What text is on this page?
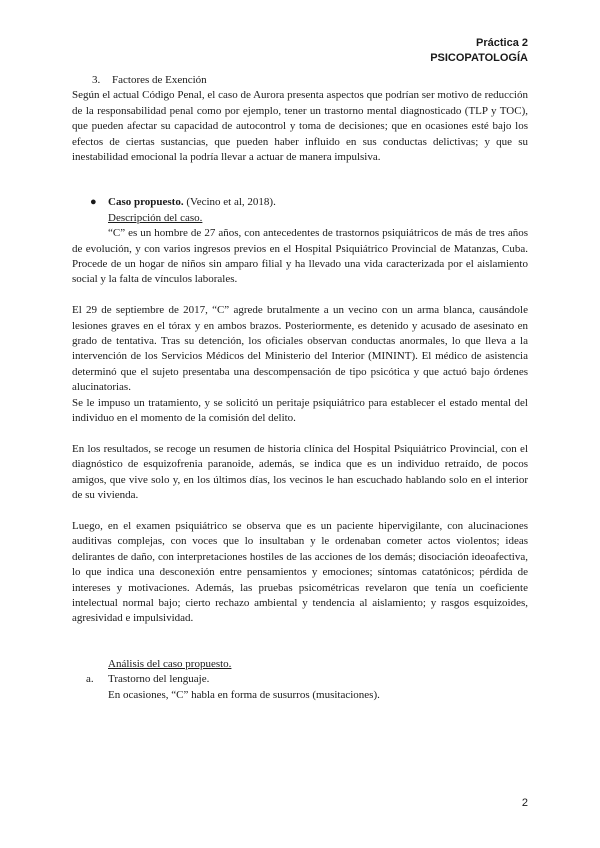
Práctica 2
PSICOPATOLOGÍA
3.	Factores de Exención

Según el actual Código Penal, el caso de Aurora presenta aspectos que podrían ser motivo de reducción de la responsabilidad penal como por ejemplo, tener un trastorno mental diagnosticado (TLP y TOC), que pueden afectar su capacidad de autocontrol y toma de decisiones; que en ocasiones esté bajo los efectos de ciertas sustancias, que pueden haber influido en sus conductas delictivas; y que su inestabilidad emocional la podría llevar a actuar de manera impulsiva.

●	Caso propuesto. (Vecino et al, 2018).
Descripción del caso.

“C” es un hombre de 27 años, con antecedentes de trastornos psiquiátricos de más de tres años de evolución, y con varios ingresos previos en el Hospital Psiquiátrico Provincial de Matanzas, Cuba. Procede de un hogar de niños sin amparo filial y ha llevado una vida caracterizada por el aislamiento social y la falta de vínculos laborales.

El 29 de septiembre de 2017, “C” agrede brutalmente a un vecino con un arma blanca, causándole lesiones graves en el tórax y en ambos brazos. Posteriormente, es detenido y acusado de asesinato en grado de tentativa. Tras su detención, los oficiales observan conductas anormales, lo que lleva a la intervención de los Servicios Médicos del Ministerio del Interior (MININT). El médico de asistencia determinó que el sujeto presentaba una descompensación de tipo psicótica y que actuó bajo órdenes alucinatorias.

Se le impuso un tratamiento, y se solicitó un peritaje psiquiátrico para establecer el estado mental del individuo en el momento de la comisión del delito.

En los resultados, se recoge un resumen de historia clínica del Hospital Psiquiátrico Provincial, con el diagnóstico de esquizofrenia paranoide, además, se indica que es un individuo retraído, de pocos amigos, que vive solo y, en los últimos días, los vecinos le han escuchado hablando solo en el interior de su vivienda.

Luego, en el examen psiquiátrico se observa que es un paciente hipervigilante, con alucinaciones auditivas complejas, con voces que lo insultaban y le ordenaban cometer actos violentos; ideas delirantes de daño, con interpretaciones hostiles de las acciones de los demás; disociación ideoafectiva, lo que indica una desconexión entre pensamientos y emociones; síntomas catatónicos; pérdida de intereses y motivaciones. Además, las pruebas psicométricas revelaron que tenía un coeficiente intelectual normal bajo; cierto rechazo ambiental y tendencia al aislamiento; y rasgos esquizoides, agresividad e impulsividad.

Análisis del caso propuesto.
a.	Trastorno del lenguaje.
En ocasiones, “C” habla en forma de susurros (musitaciones).
2
